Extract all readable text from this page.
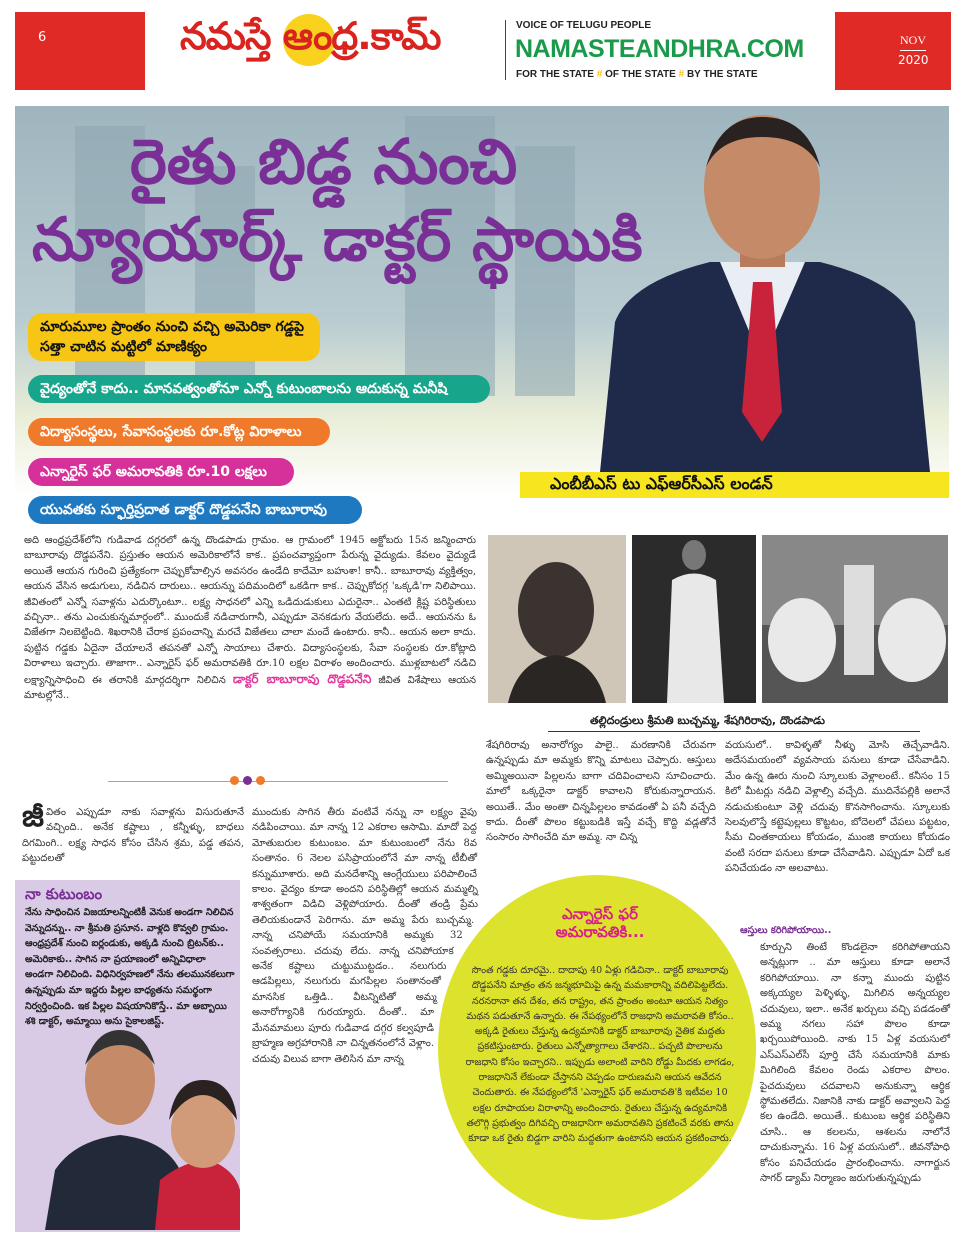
6	నమస్తే ఆంధ్ర.కామ్	VOICE OF TELUGU PEOPLE
NAMASTEANDHRA.COM
FOR THE STATE # OF THE STATE # BY THE STATE
NOV
2020
రైతు బిడ్డ నుంచి
న్యూయార్క్ డాక్టర్ స్థాయికి
మారుమూల ప్రాంతం నుంచి వచ్చి అమెరికా గడ్డపై సత్తా చాటిన మట్టిలో మాణిక్యం
వైద్యంతోనే కాదు.. మానవత్వంతోనూ ఎన్నో కుటుంబాలను ఆదుకున్న మనీషి
విద్యాసంస్థలు, సేవాసంస్థలకు రూ.కోట్ల విరాళాలు
ఎన్నారైస్ ఫర్ అమరావతికి రూ.10 లక్షలు
ఎంబీబీఎస్ టు ఎఫ్‌ఆర్‌సీఎస్ లండన్
యువతకు స్ఫూర్తిప్రదాత డాక్టర్ దొడ్డపనేని బాబూరావు
అది ఆంధ్రప్రదేశ్‌లోని గుడివాడ దగ్గరలో ఉన్న దొండపాడు గ్రామం. ఆ గ్రామంలో 1945 అక్టోబరు 15న జన్మించారు బాబూరావు దొడ్డపనేని. ప్రస్తుతం ఆయన అమెరికాలోనే కాక.. ప్రపంచవ్యాప్తంగా పేరున్న వైద్యుడు. కేవలం వైద్యుడే అయితే ఆయన గురించి ప్రత్యేకంగా చెప్పుకోవాల్సిన అవసరం ఉండేది కాదేమో బహుశా! కానీ.. బాబూరావు వ్యక్తిత్వం, ఆయన వేసిన అడుగులు, నడిచిన దారులు.. ఆయన్ను పదిమందిలో ఒకడిగా కాక.. చెప్పుకోదగ్గ 'ఒక్కడి'గా నిలిపాయి. జీవితంలో ఎన్నో సవాళ్లను ఎదుర్కొంటూ.. లక్ష్య సాధనలో ఎన్ని ఒడిదుడుకులు ఎదురైనా.. ఎంతటి క్లిష్ట పరిస్థితులు వచ్చినా.. తను ఎంచుకున్నమార్గంలో.. ముందుకే నడిచారుగానీ, ఎప్పుడూ వెనకడుగు వేయలేదు. అదే.. ఆయనను ఓ విజేతగా నిలబెట్టింది. శిఖరానికి చేరాక ప్రపంచాన్ని మరచే విజేతలు చాలా మందే ఉంటారు. కానీ.. ఆయన అలా కాదు. పుట్టిన గడ్డకు ఏదైనా చేయాలనే తపనతో ఎన్నో సాయాలు చేశారు. విద్యాసంస్థలకు, సేవా సంస్థలకు రూ.కోట్లాది విరాళాలు ఇచ్చారు. తాజాగా.. ఎన్నారైస్ ఫర్ అమరావతికి రూ.10 లక్షల విరాళం అందించారు. ముళ్లబాటలో నడిచి లక్ష్యాన్నిసాధించి ఈ తరానికి మార్గదర్శిగా నిలిచిన డాక్టర్ బాబూరావు దొడ్డపనేని జీవిత విశేషాలు ఆయన మాటల్లోనే..
తల్లిదండ్రులు శ్రీమతి బుచ్చమ్మ, శేషగిరిరావు, దొండపాడు
జీవితం ఎప్పుడూ నాకు సవాళ్లను విసురుతూనే వచ్చింది.. అనేక కష్టాలు , కన్నీళ్ళు, బాధలు దిగమింగి.. లక్ష్య సాధన కోసం చేసిన శ్రమ, పడ్డ తపన, పట్టుదలతో
నా కుటుంబం
నేను సాధించిన విజయాలన్నింటికీ వెనుక అండగా నిలిచిన వెన్నుదన్ను.. నా శ్రీమతి ప్రసూన. వాళ్లది కొవ్వలి గ్రామం. ఆంధ్రప్రదేశ్ నుంచి ఐర్లండుకు, అక్కడి నుంచి బ్రిటన్‌కు.. అమెరికాకు.. సాగిన నా ప్రయాణంలో అన్నివిధాలా అండగా నిలిచింది. విధినిర్వహణలో నేను తలమునకలుగా ఉన్నప్పుడు మా ఇద్దరు పిల్లల బాధ్యతను సమర్థంగా నిర్వర్తించింది. ఇక పిల్లల విషయానికొస్తే.. మా అబ్బాయి శశి డాక్టర్, అమ్మాయి అను సైకాలజిస్ట్.
ముందుకు సాగిన తీరు వంటివే నన్ను నా లక్ష్యం వైపు నడిపించాయి. మా నాన్న 12 ఎకరాల ఆసామి. మాదో పెద్ద మోతుబరుల కుటుంబం. మా కుటుంబంలో నేను 8వ సంతానం. 6 నెలల పసిప్రాయంలోనే మా నాన్న టీబీతో కన్నుమూశారు. అది మనదేశాన్ని ఆంగ్లేయులు పరిపాలించే కాలం. వైద్యం కూడా అందని పరిస్థితిల్లో ఆయన మమ్మల్ని శాశ్వతంగా విడిచి వెళ్లిపోయారు. దీంతో తండ్రి ప్రేమ తెలియకుండానే పెరిగాను. మా అమ్మ పేరు బుచ్చమ్మ. నాన్న చనిపోయే సమయానికి అమ్మకు 32 సంవత్సరాలు. చదువు లేదు. నాన్న చనిపోయాక అనేక కష్టాలు చుట్టుముట్టడం.. నలుగురు ఆడపిల్లలు, నలుగురు మగపిల్లల సంతానంతో మానసిక ఒత్తిడి.. వీటన్నిటితో అమ్మ అనారోగ్యానికి గురయ్యారు. దీంతో.. మా మేనమామలు పూరు గుడివాడ దగ్గర కల్వపూడి బ్రాహ్మణ అగ్రహారానికి నా చిన్నతనంలోనే వెళ్లాం. చదువు విలువ బాగా తెలిసిన మా నాన్న
శేషగిరిరావు అనారోగ్యం పాలై.. మరణానికి చేరువగా ఉన్నప్పుడు మా అమ్మకు కొన్ని మాటలు చెప్పారు. ఆస్తులు అమ్మిఅయినా పిల్లలను బాగా చదివించాలని సూచించారు. మాలో ఒక్కరైనా డాక్టర్ కావాలని కోరుకున్నారాయన. అయితే.. మేం అంతా చిన్నపిల్లలం కావడంతో ఏ పనీ వచ్చేది కాదు. దీంతో పొలం కట్టుబడికి ఇస్తే వచ్చే కొద్ది వడ్లతోనే సంసారం సాగించేది మా అమ్మ. నా చిన్న
వయసులో.. కావిళ్ళతో నీళ్ళు మోసి తెచ్చేవాడిని. అదేసమయంలో వ్యవసాయ పనులు కూడా చేసేవాడిని. మేం ఉన్న ఊరు నుంచి స్కూలుకు వెళ్లాలంటే.. కనీసం 15 కిలో మీటర్లు నడిచి వెళ్లాల్సి వచ్చేది. ముదినేపల్లికి అలానే నడుచుకుంటూ వెళ్లి చదువు కొనసాగించాను. స్కూలుకు సెలవులొస్తే కట్టెపుల్లలు కొట్టటం, బోదెలలో చేపలు పట్టటం, సీమ చింతకాయలు కోయడం, ముంజి కాయలు కోయడం వంటి సరదా పనులు కూడా చేసేవాడిని. ఎప్పుడూ ఏదో ఒక పనిచేయడం నా అలవాటు.
ఆస్తులు కరిగిపోయాయి..
ఎన్నారైస్ ఫర్
అమరావతికి...
సొంత గడ్డకు దూరమై.. దాదాపు 40 ఏళ్లు గడిచినా.. డాక్టర్ బాబూరావు దొడ్డపనేని మాత్రం తన జన్మభూమిపై ఉన్న మమకారాన్ని వదిలిపెట్టలేదు. నరనరానా తన దేశం, తన రాష్ట్రం, తన ప్రాంతం అంటూ ఆయన నిత్యం మథన పడుతూనే ఉన్నారు. ఈ నేపథ్యంలోనే రాజధాని అమరావతి కోసం.. అక్కడి రైతులు చేస్తున్న ఉద్యమానికి డాక్టర్ బాబూరావు నైతిక మద్దతు ప్రకటిస్తుంటారు. రైతులు ఎన్నోత్యాగాలు చేశారని.. పచ్చటి పొలాలను రాజధాని కోసం ఇచ్చారని.. ఇప్పుడు అలాంటి వారిని రోడ్డు మీదకు లాగడం, రాజధానినే లేకుండా చేస్తానని చెప్పడం దారుణమని ఆయన ఆవేదన చెందుతారు. ఈ నేపథ్యంలోనే 'ఎన్నారైస్ ఫర్ అమరావతి'కి ఇటీవల 10 లక్షల రూపాయల విరాళాన్ని అందించారు. రైతులు చేస్తున్న ఉద్యమానికి తలొగ్గి ప్రభుత్వం దిగివచ్చి రాజధానిగా అమరావతిని ప్రకటించే వరకు తాను కూడా ఒక రైతు బిడ్డగా వారిని మద్దతుగా ఉంటానని ఆయన ప్రకటించారు.
కూర్చుని తింటే కొండలైనా కరిగిపోతాయని అన్నట్లుగా .. మా ఆస్తులు కూడా అలానే కరిగిపోయాయి. నా కన్నా ముందు పుట్టిన అక్కయ్యల పెళ్ళిళ్ళు, మిగిలిన అన్నయ్యల చదువులు, ఇలా.. అనేక ఖర్చులు వచ్చి పడడంతో అమ్మ నగలు సహా పొలం కూడా ఖర్చయిపోయింది. నాకు 15 ఏళ్ల వయసులో ఎస్ఎస్ఎల్‌సీ పూర్తి చేసే సమయానికి మాకు మిగిలింది కేవలం రెండు ఎకరాల పొలం. పైచదువులు చదవాలని అనుకున్నా ఆర్థిక స్థోమతలేదు. నిజానికి నాకు డాక్టర్ అవ్వాలని పెద్ద కల ఉండేది. అయితే.. కుటుంబ ఆర్థిక పరిస్థితిని చూసి.. ఆ కలలను, ఆశలను నాలోనే దాచుకున్నాను. 16 ఏళ్ల వయసులో.. జీవనోపాధి కోసం పనిచేయడం ప్రారంభించాను. నాగార్జున సాగర్ డ్యామ్ నిర్మాణం జరుగుతున్నప్పుడు
